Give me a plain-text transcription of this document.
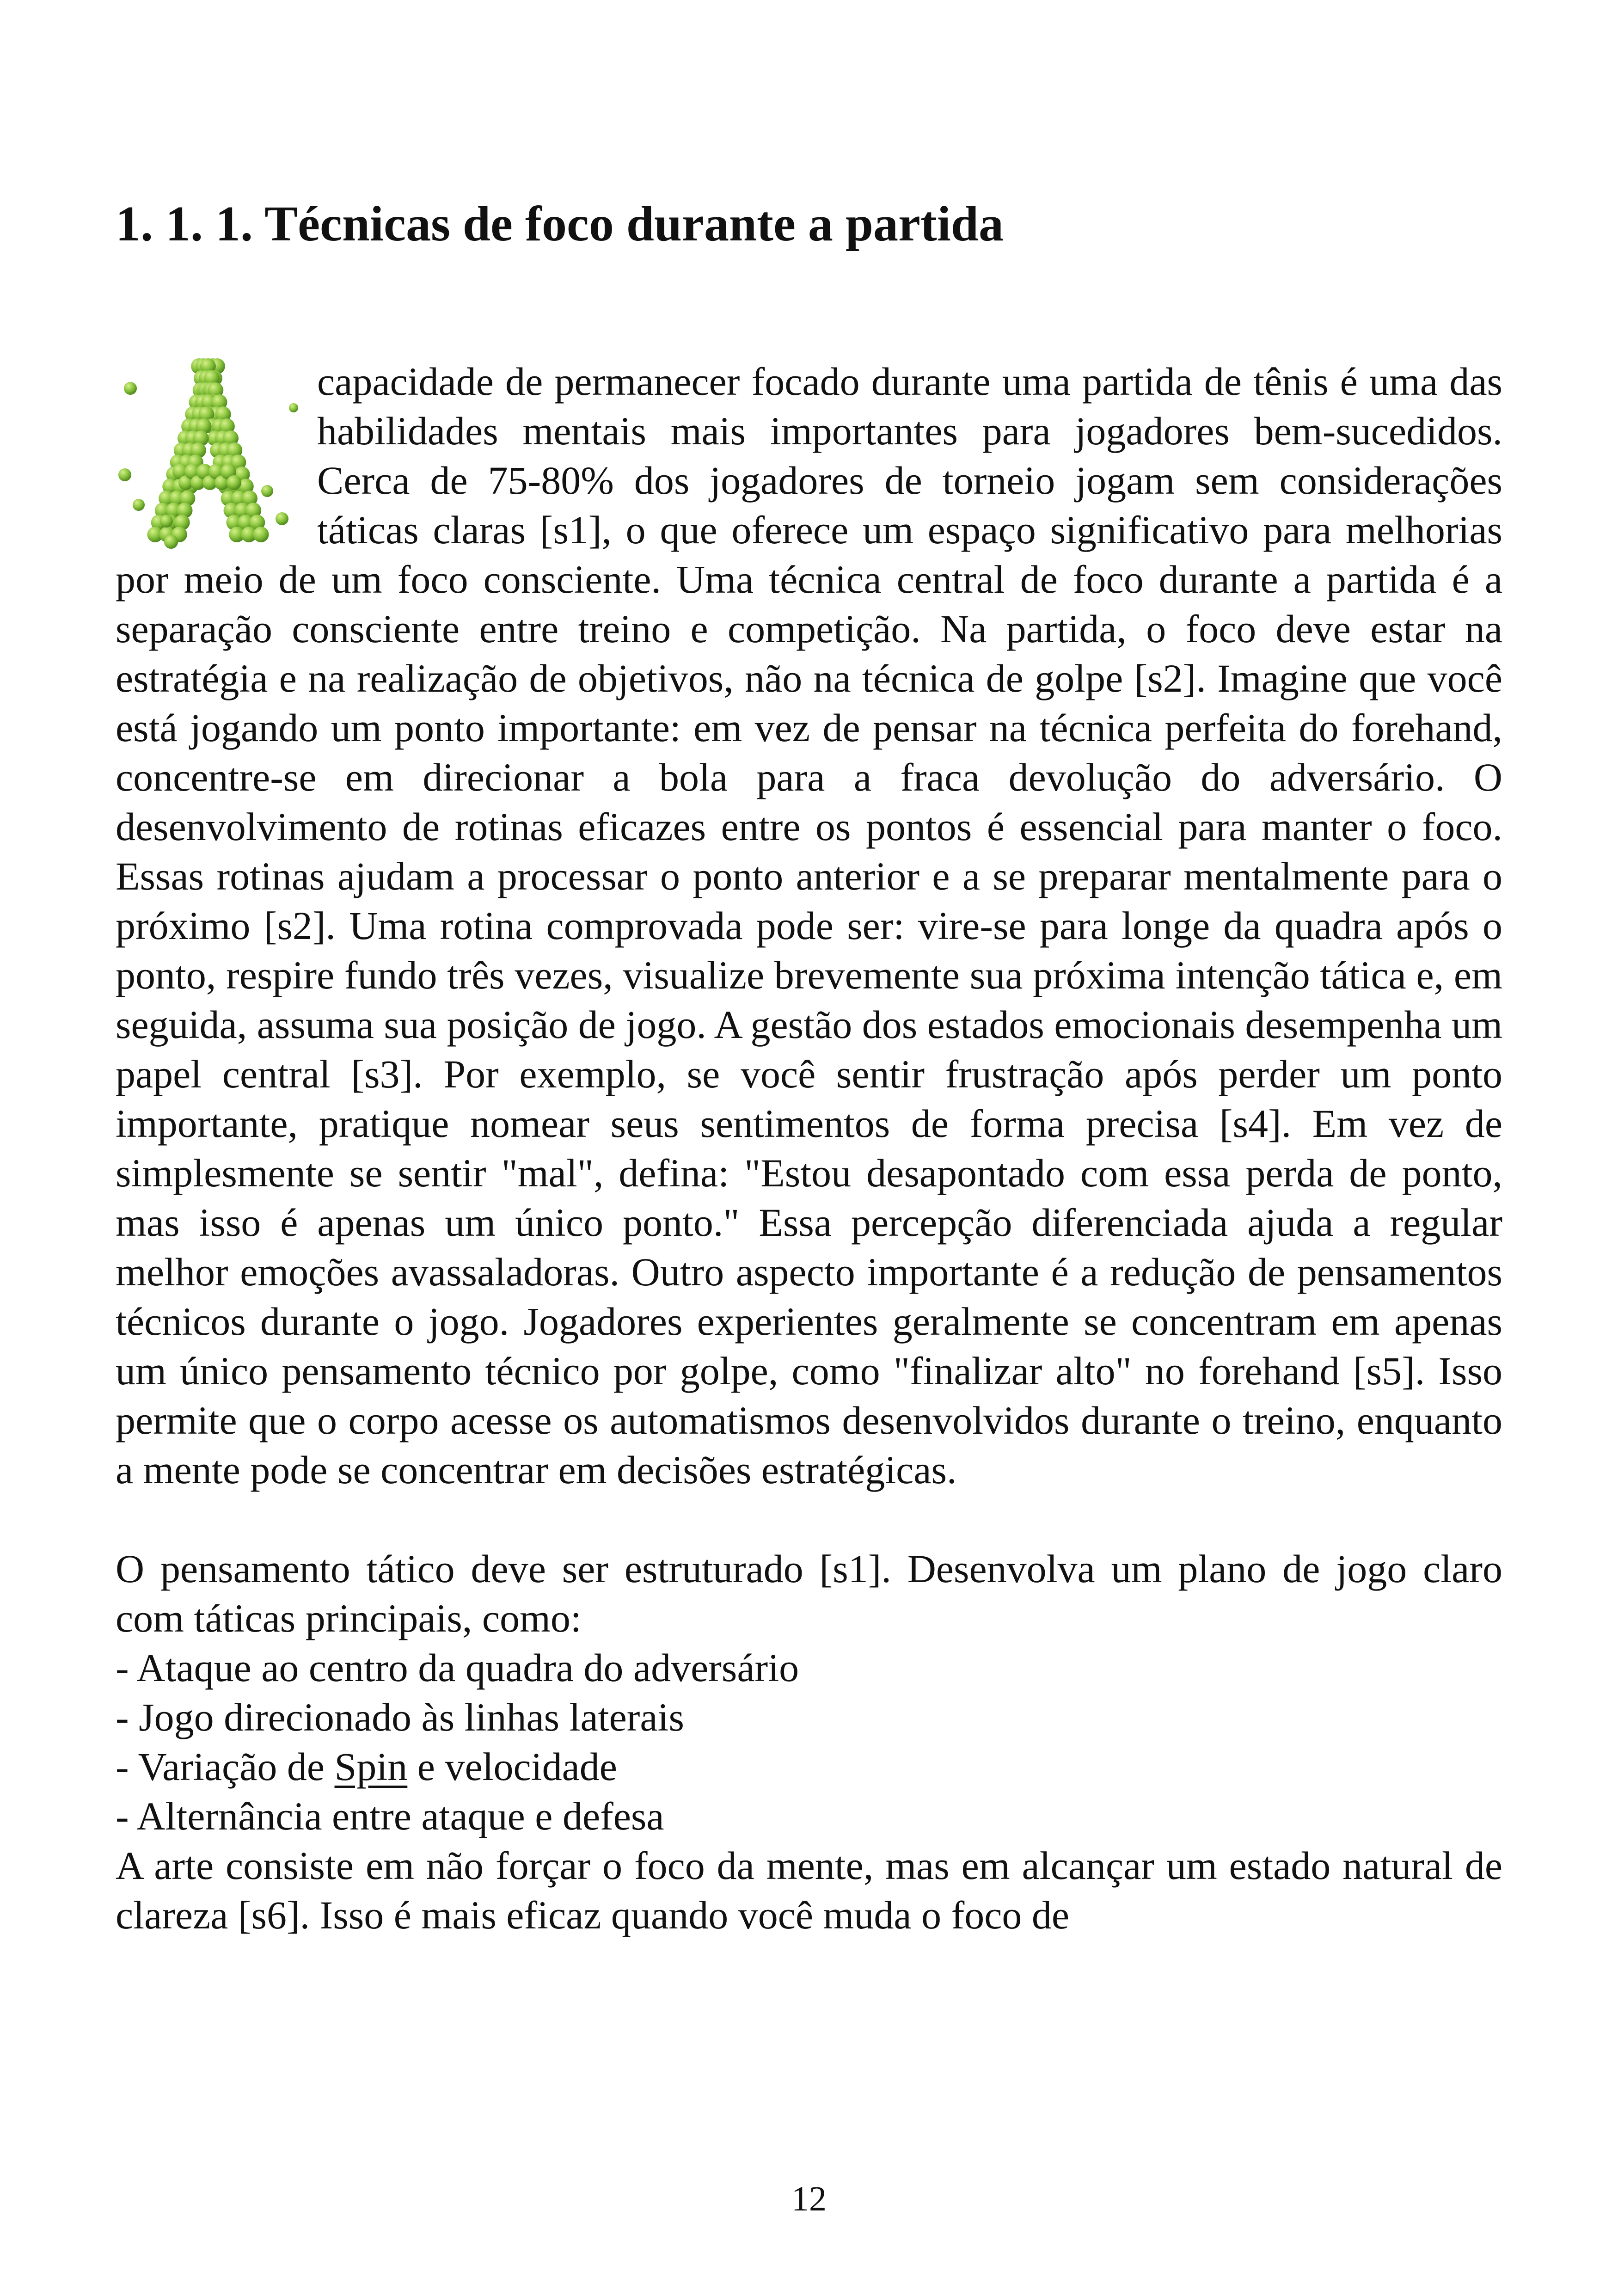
1. 1. 1. Técnicas de foco durante a partida

capacidade de permanecer focado durante uma partida de tênis é uma das habilidades mentais mais importantes para jogadores bem-sucedidos. Cerca de 75-80% dos jogadores de torneio jogam sem considerações táticas claras [s1], o que oferece um espaço significativo para melhorias por meio de um foco consciente. Uma técnica central de foco durante a partida é a separação consciente entre treino e competição. Na partida, o foco deve estar na estratégia e na realização de objetivos, não na técnica de golpe [s2]. Imagine que você está jogando um ponto importante: em vez de pensar na técnica perfeita do forehand, concentre-se em direcionar a bola para a fraca devolução do adversário. O desenvolvimento de rotinas eficazes entre os pontos é essencial para manter o foco. Essas rotinas ajudam a processar o ponto anterior e a se preparar mentalmente para o próximo [s2]. Uma rotina comprovada pode ser: vire-se para longe da quadra após o ponto, respire fundo três vezes, visualize brevemente sua próxima intenção tática e, em seguida, assuma sua posição de jogo. A gestão dos estados emocionais desempenha um papel central [s3]. Por exemplo, se você sentir frustração após perder um ponto importante, pratique nomear seus sentimentos de forma precisa [s4]. Em vez de simplesmente se sentir "mal", defina: "Estou desapontado com essa perda de ponto, mas isso é apenas um único ponto." Essa percepção diferenciada ajuda a regular melhor emoções avassaladoras. Outro aspecto importante é a redução de pensamentos técnicos durante o jogo. Jogadores experientes geralmente se concentram em apenas um único pensamento técnico por golpe, como "finalizar alto" no forehand [s5]. Isso permite que o corpo acesse os automatismos desenvolvidos durante o treino, enquanto a mente pode se concentrar em decisões estratégicas.

O pensamento tático deve ser estruturado [s1]. Desenvolva um plano de jogo claro com táticas principais, como:

- Ataque ao centro da quadra do adversário
- Jogo direcionado às linhas laterais
- Variação de Spin e velocidade
- Alternância entre ataque e defesa

A arte consiste em não forçar o foco da mente, mas em alcançar um estado natural de clareza [s6]. Isso é mais eficaz quando você muda o foco de

12
